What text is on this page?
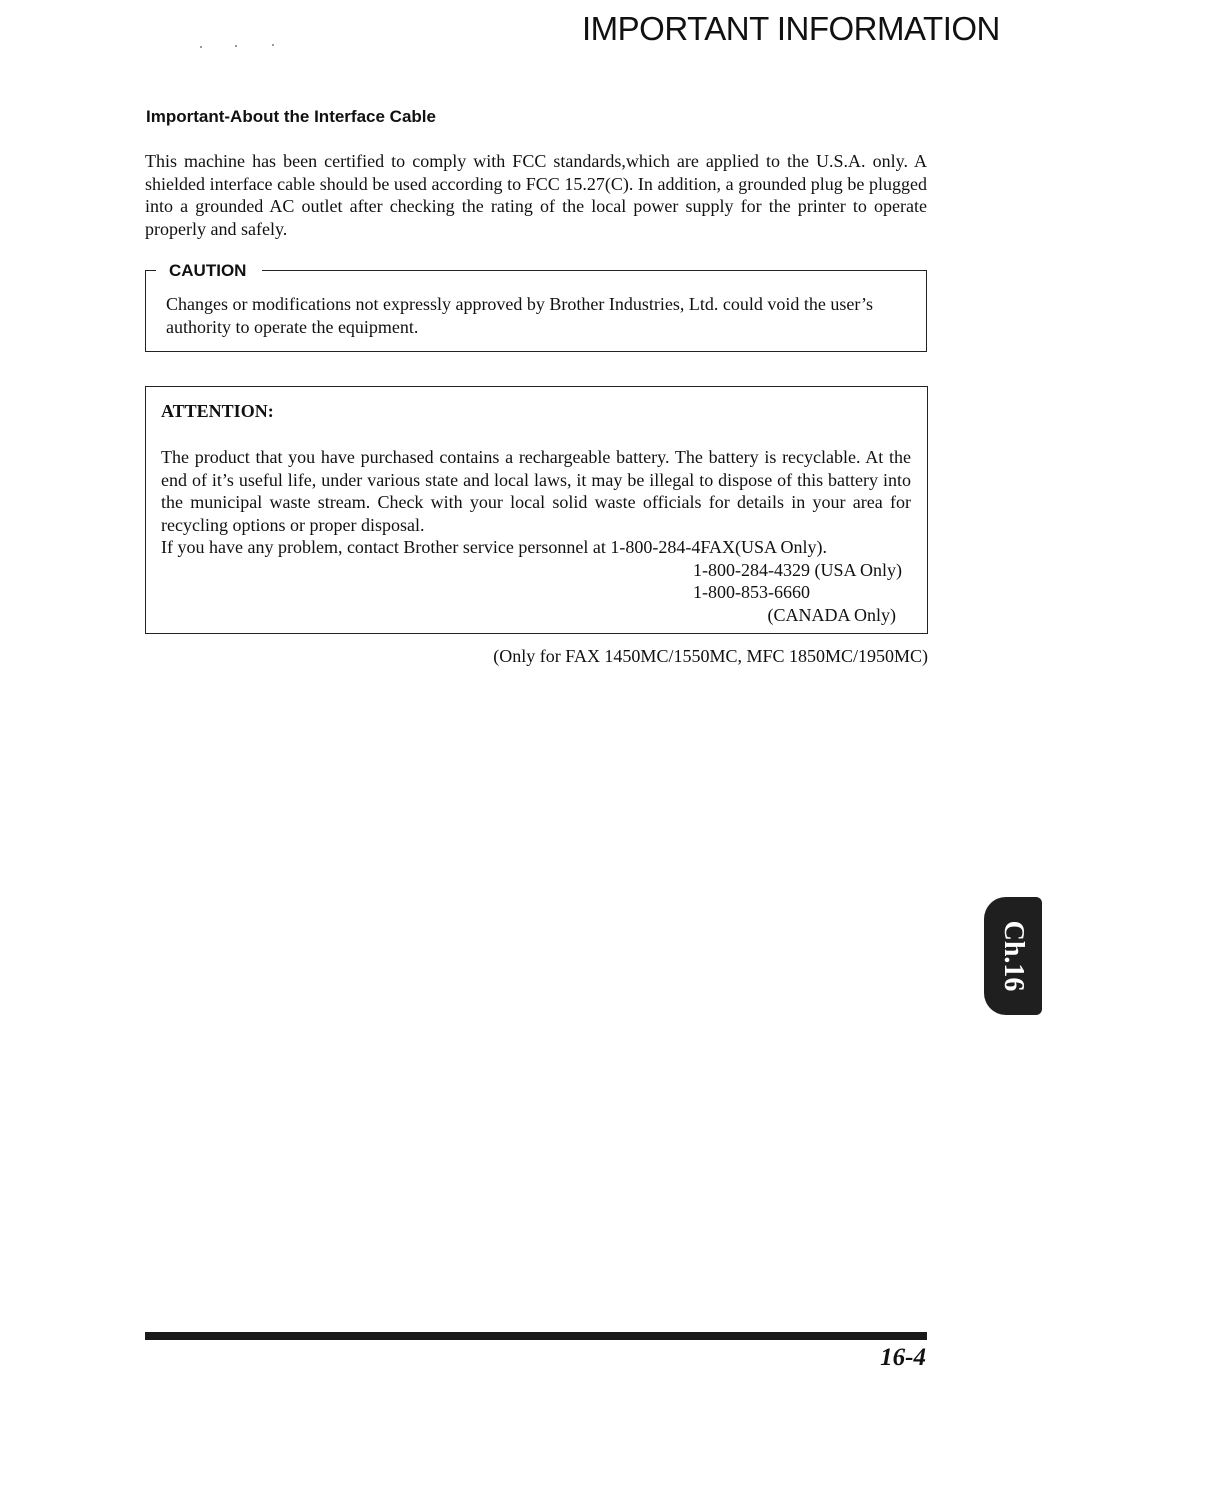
IMPORTANT INFORMATION
Important-About the Interface Cable
This machine has been certified to comply with FCC standards,which are applied to the U.S.A. only. A shielded interface cable should be used according to FCC 15.27(C). In addition, a grounded plug be plugged into a grounded AC outlet after checking the rating of the local power supply for the printer to operate properly and safely.
CAUTION
Changes or modifications not expressly approved by Brother Industries, Ltd. could void the user’s authority to operate the equipment.
ATTENTION:
The product that you have purchased contains a rechargeable battery. The battery is recyclable. At the end of it’s useful life, under various state and local laws, it may be illegal to dispose of this battery into the municipal waste stream. Check with your local solid waste officials for details in your area for recycling options or proper disposal.
If you have any problem, contact Brother service personnel at 1-800-284-4FAX(USA Only).
1-800-284-4329 (USA Only)
1-800-853-6660
(CANADA Only)
(Only for FAX 1450MC/1550MC, MFC 1850MC/1950MC)
Ch.16
16-4
